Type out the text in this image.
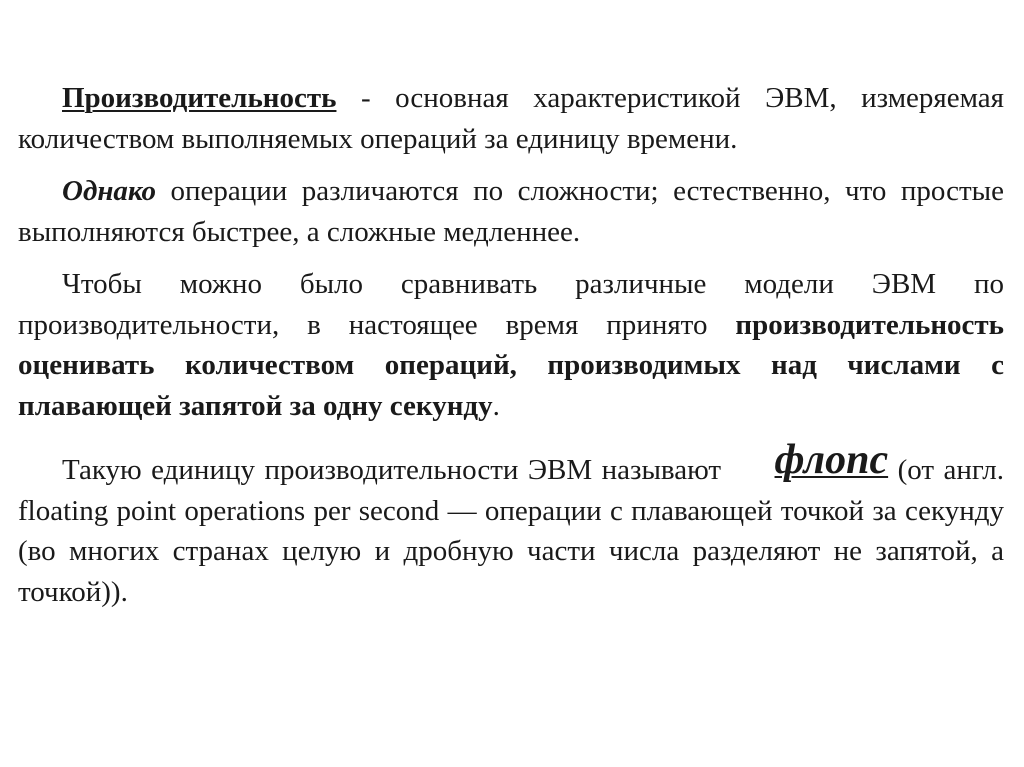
Производительность - основная характеристикой ЭВМ, измеряемая количеством выполняемых операций за единицу времени.

Однако операции различаются по сложности; естественно, что простые выполняются быстрее, а сложные медленнее.

Чтобы можно было сравнивать различные модели ЭВМ по производительности, в настоящее время принято производительность оценивать количеством операций, производимых над числами с плавающей запятой за одну секунду.

Такую единицу производительности ЭВМ называют флопс (от англ. floating point operations per second — операции с плавающей точкой за секунду (во многих странах целую и дробную части числа разделяют не запятой, а точкой)).
